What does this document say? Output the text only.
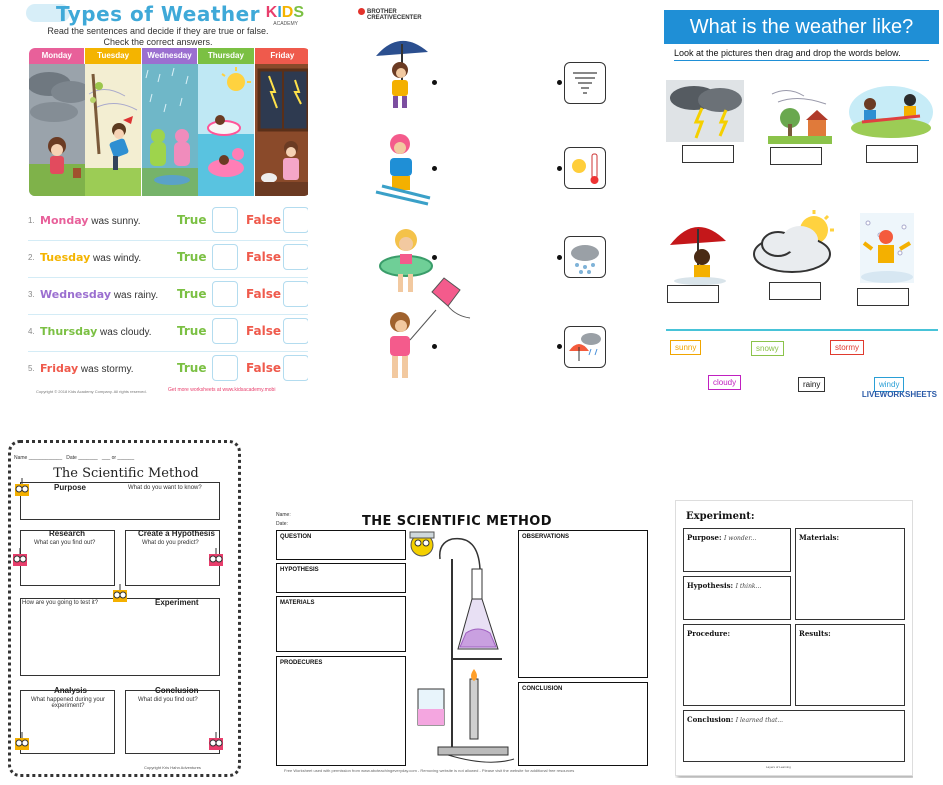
Types of Weather KIDS
ACADEMY
Read the sentences and decide if they are true or false.
Check the correct answers.
Monday	Tuesday	Wednesday	Thursday	Friday
1. Monday was sunny.	True	False
2. Tuesday was windy.	True	False
3. Wednesday was rainy. True	False
4. Thursday was cloudy. True	False
5. Friday was stormy.	True	False
Copyright © 2018 Kids Academy Company. All rights reserved.	Get more worksheets at www.kidsacademy.mobi
BROTHER
CREATIVECENTER	What is the weather like?
Look at the pictures then drag and drop the words below.
sunny	snowy	stormy
cloudy	rainy	windy
LIVEWORKSHEETS
Name ____________   Date _______   ___ or ______
The Scientific Method
Purpose	What do you want to know?
Research
What can you find out?
Create a Hypothesis
What do you predict?
How are you going to test it?	Experiment
Analysis
What happened during your experiment?
Conclusion
What did you find out?
Copyright Kris Hahn Adventures
Name:
Date:	THE SCIENTIFIC METHOD
QUESTION
HYPOTHESIS
MATERIALS
PRODECURES
OBSERVATIONS
CONCLUSION
Free Worksheet used with permission from www.abcteachingeveryday.com - Removing website is not allowed - Please visit the website for additional free resources
Experiment:
Purpose: I wonder...	Materials:
Hypothesis: I think...
Procedure:	Results:
Conclusion: I learned that...
Layers of Learning
